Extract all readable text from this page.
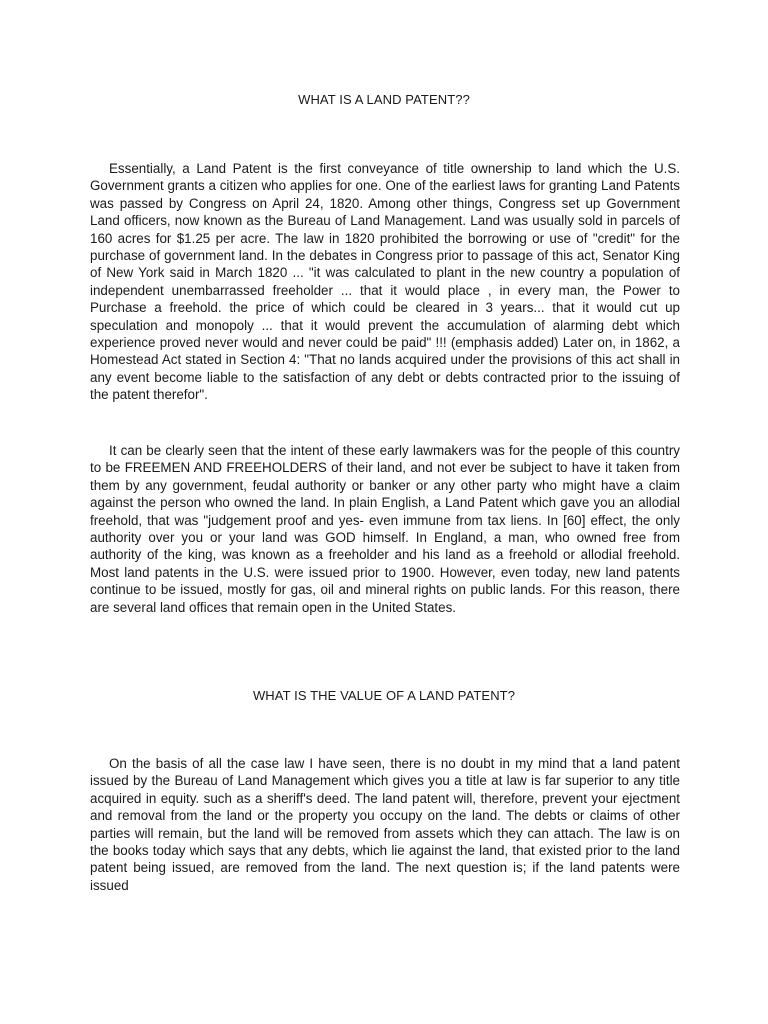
WHAT IS A LAND PATENT??
Essentially, a Land Patent is the first conveyance of title ownership to land which the U.S. Government grants a citizen who applies for one. One of the earliest laws for granting Land Patents was passed by Congress on April 24, 1820. Among other things, Congress set up Government Land officers, now known as the Bureau of Land Management. Land was usually sold in parcels of 160 acres for $1.25 per acre. The law in 1820 prohibited the borrowing or use of "credit" for the purchase of government land. In the debates in Congress prior to passage of this act, Senator King of New York said in March 1820 ... "it was calculated to plant in the new country a population of independent unembarrassed freeholder ... that it would place , in every man, the Power to Purchase a freehold. the price of which could be cleared in 3 years... that it would cut up speculation and monopoly ... that it would prevent the accumulation of alarming debt which experience proved never would and never could be paid" !!! (emphasis added) Later on, in 1862, a Homestead Act stated in Section 4: "That no lands acquired under the provisions of this act shall in any event become liable to the satisfaction of any debt or debts contracted prior to the issuing of the patent therefor".
It can be clearly seen that the intent of these early lawmakers was for the people of this country to be FREEMEN AND FREEHOLDERS of their land, and not ever be subject to have it taken from them by any government, feudal authority or banker or any other party who might have a claim against the person who owned the land. In plain English, a Land Patent which gave you an allodial freehold, that was "judgement proof and yes- even immune from tax liens. In [60] effect, the only authority over you or your land was GOD himself. In England, a man, who owned free from authority of the king, was known as a freeholder and his land as a freehold or allodial freehold. Most land patents in the U.S. were issued prior to 1900. However, even today, new land patents continue to be issued, mostly for gas, oil and mineral rights on public lands. For this reason, there are several land offices that remain open in the United States.
WHAT IS THE VALUE OF A LAND PATENT?
On the basis of all the case law I have seen, there is no doubt in my mind that a land patent issued by the Bureau of Land Management which gives you a title at law is far superior to any title acquired in equity. such as a sheriff's deed. The land patent will, therefore, prevent your ejectment and removal from the land or the property you occupy on the land. The debts or claims of other parties will remain, but the land will be removed from assets which they can attach. The law is on the books today which says that any debts, which lie against the land, that existed prior to the land patent being issued, are removed from the land. The next question is; if the land patents were issued
